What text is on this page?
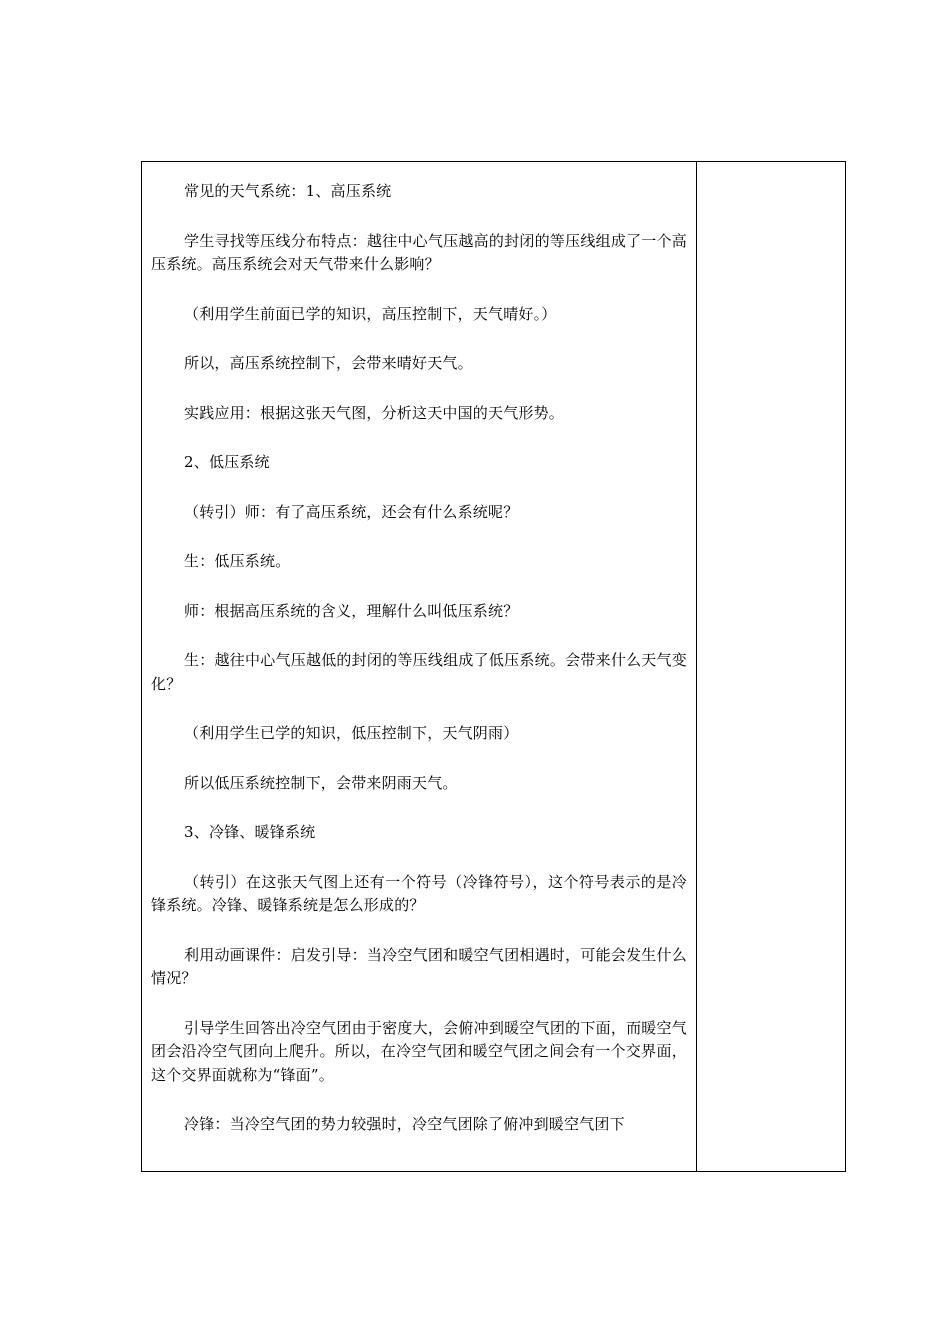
常见的天气系统：1、高压系统

学生寻找等压线分布特点：越往中心气压越高的封闭的等压线组成了一个高压系统。高压系统会对天气带来什么影响？

（利用学生前面已学的知识，高压控制下，天气晴好。）

所以，高压系统控制下，会带来晴好天气。

实践应用：根据这张天气图，分析这天中国的天气形势。

2、低压系统

（转引）师：有了高压系统，还会有什么系统呢？

生：低压系统。

师：根据高压系统的含义，理解什么叫低压系统？

生：越往中心气压越低的封闭的等压线组成了低压系统。会带来什么天气变化？

（利用学生已学的知识，低压控制下，天气阴雨）

所以低压系统控制下，会带来阴雨天气。

3、冷锋、暖锋系统

（转引）在这张天气图上还有一个符号（冷锋符号），这个符号表示的是冷锋系统。冷锋、暖锋系统是怎么形成的？

利用动画课件：启发引导：当冷空气团和暖空气团相遇时，可能会发生什么情况？

引导学生回答出冷空气团由于密度大，会俯冲到暖空气团的下面，而暖空气团会沿冷空气团向上爬升。所以，在冷空气团和暖空气团之间会有一个交界面，这个交界面就称为“锋面”。

冷锋：当冷空气团的势力较强时，冷空气团除了俯冲到暖空气团下
